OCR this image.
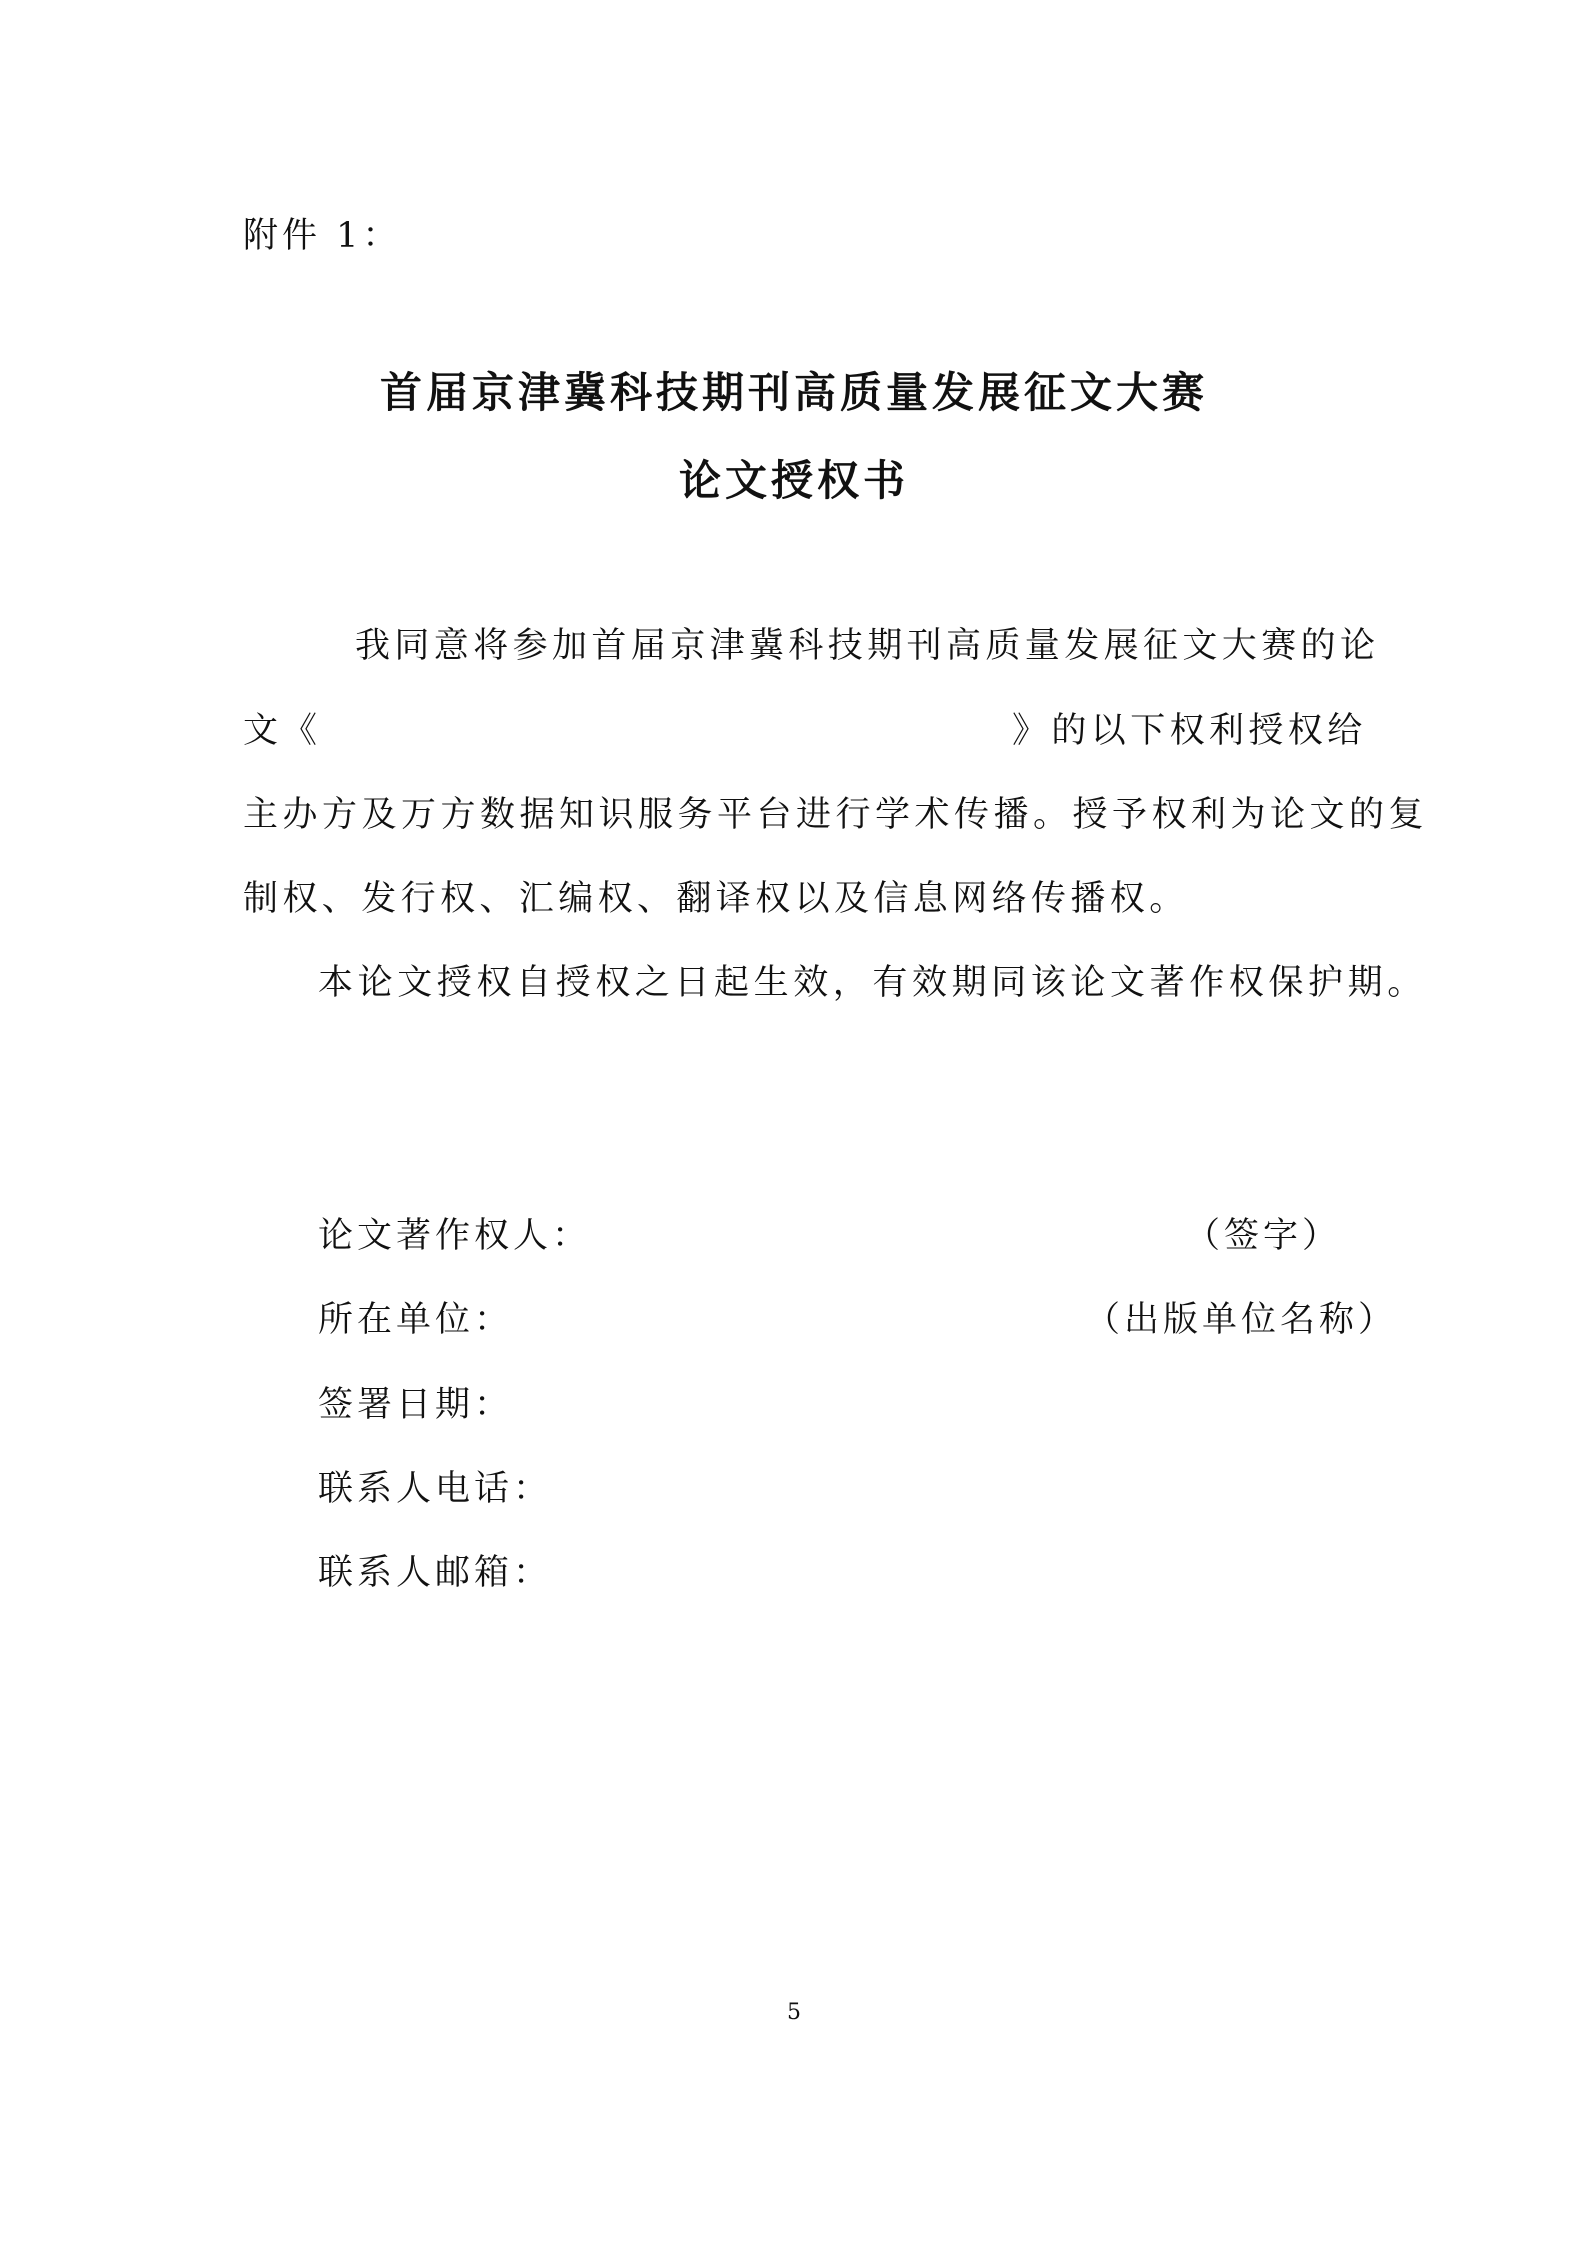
附件 1：
首届京津冀科技期刊高质量发展征文大赛
论文授权书
我同意将参加首届京津冀科技期刊高质量发展征文大赛的论
文《	》的以下权利授权给
主办方及万方数据知识服务平台进行学术传播。授予权利为论文的复
制权、发行权、汇编权、翻译权以及信息网络传播权。
本论文授权自授权之日起生效，有效期同该论文著作权保护期。
论文著作权人：	（签字）
所在单位：	（出版单位名称）
签署日期：
联系人电话：
联系人邮箱：
5
